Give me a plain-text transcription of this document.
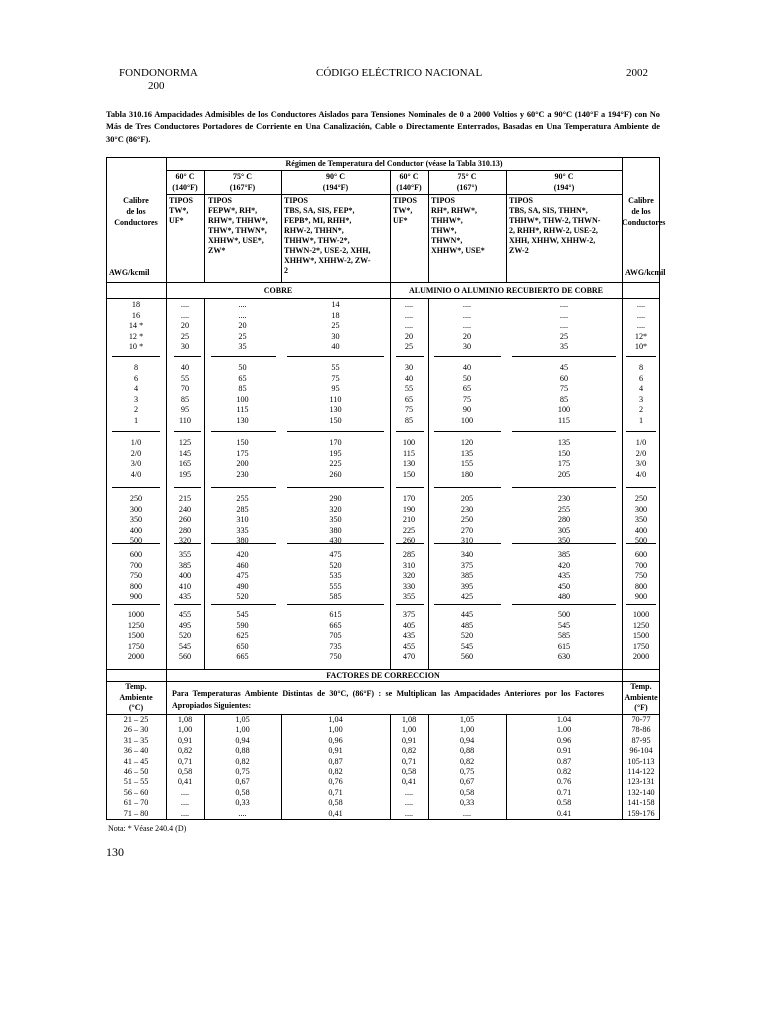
FONDONORMA
200
CÓDIGO ELÉCTRICO NACIONAL	2002
Tabla 310.16 Ampacidades Admisibles de los Conductores Aislados para Tensiones Nominales de 0 a 2000 Voltios y 60°C a 90°C (140°F a 194°F) con No Más de Tres Conductores Portadores de Corriente en Una Canalización, Cable o Directamente Enterrados, Basadas en Una Temperatura Ambiente de 30°C (86°F).
Régimen de Temperatura del Conductor (véase la Tabla 310.13)
Calibre
de los
Conductores
AWG/kcmil
Calibre
de los
Conductores
AWG/kcmil
60° C
(140°F)
75° C
(167°F)
90° C
(194°F)
60° C
(140°F)
75° C
(167°)
90° C
(194°)
TIPOS
TW*,
UF*
TIPOS
FEPW*, RH*,
RHW*, THHW*,
THW*, THWN*,
XHHW*, USE*,
ZW*
TIPOS
TBS, SA, SIS, FEP*,
FEPB*, MI, RHH*,
RHW-2, THHN*,
THHW*, THW-2*,
THWN-2*, USE-2, XHH,
XHHW*, XHHW-2, ZW-
2
TIPOS
TW*,
UF*
TIPOS
RH*, RHW*,
THHW*,
THW*,
THWN*,
XHHW*, USE*
TIPOS
TBS, SA, SIS, THHN*,
THHW*, THW-2, THWN-
2, RHH*, RHW-2, USE-2,
XHH, XHHW, XHHW-2,
ZW-2
COBRE	ALUMINIO O ALUMINIO RECUBIERTO DE COBRE
18
16
14 *
12 *
10 *
....
....
20
25
30
....
....
20
25
35
14
18
25
30
40
....
....
....
20
25
....
....
....
20
30
....
....
....
25
35
....
....
....
12*
10*
8
6
4
3
2
1
40
55
70
85
95
110
50
65
85
100
115
130
55
75
95
110
130
150
30
40
55
65
75
85
40
50
65
75
90
100
45
60
75
85
100
115
8
6
4
3
2
1
1/0
2/0
3/0
4/0
125
145
165
195
150
175
200
230
170
195
225
260
100
115
130
150
120
135
155
180
135
150
175
205
1/0
2/0
3/0
4/0
250
300
350
400
500
215
240
260
280
320
255
285
310
335
380
290
320
350
380
430
170
190
210
225
260
205
230
250
270
310
230
255
280
305
350
250
300
350
400
500
600
700
750
800
900
355
385
400
410
435
420
460
475
490
520
475
520
535
555
585
285
310
320
330
355
340
375
385
395
425
385
420
435
450
480
600
700
750
800
900
1000
1250
1500
1750
2000
455
495
520
545
560
545
590
625
650
665
615
665
705
735
750
375
405
435
455
470
445
485
520
545
560
500
545
585
615
630
1000
1250
1500
1750
2000
FACTORES DE CORRECCION
Temp.
Ambiente
(°C)
Temp.
Ambiente
(°F)
Para Temperaturas Ambiente Distintas de 30°C, (86°F) : se Multiplican las Ampacidades Anteriores por los Factores Apropiados Siguientes:
21 – 25
26 – 30
31 – 35
36 – 40
41 – 45
46 – 50
51 – 55
56 – 60
61 – 70
71 – 80
1,08
1,00
0,91
0,82
0,71
0,58
0,41
....
....
....
1,05
1,00
0,94
0,88
0,82
0,75
0,67
0,58
0,33
....
1,04
1,00
0,96
0,91
0,87
0,82
0,76
0,71
0,58
0,41
1,08
1,00
0,91
0,82
0,71
0,58
0,41
....
....
....
1,05
1,00
0,94
0,88
0,82
0,75
0,67
0,58
0,33
....
1.04
1.00
0.96
0.91
0.87
0.82
0.76
0.71
0.58
0.41
70-77
78-86
87-95
96-104
105-113
114-122
123-131
132-140
141-158
159-176
Nota: * Véase 240.4 (D)
130
